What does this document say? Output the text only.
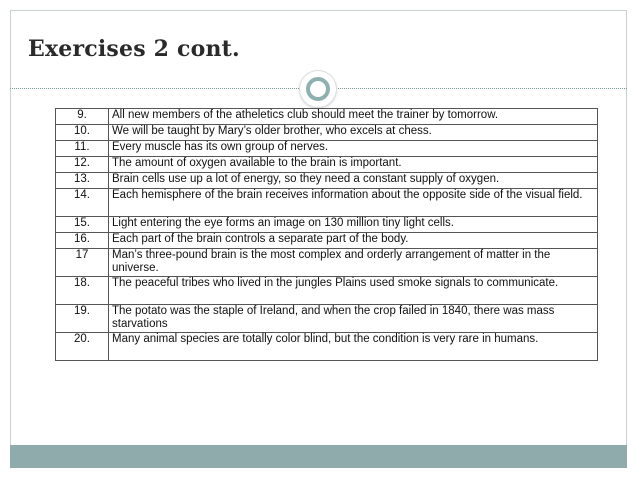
Exercises 2 cont.
9.	All new members of the atheletics club should meet the trainer by tomorrow.
10.	We will be taught by Mary’s older brother, who excels at chess.
11.	Every muscle has its own group of nerves.
12.	The amount of oxygen available to the brain is important.
13.	Brain cells use up a lot of energy, so they need a constant supply of oxygen.
14.	Each hemisphere of the brain receives information about the opposite side of the visual field.
15.	Light entering the eye forms an image on 130 million tiny light cells.
16.	Each part of the brain controls a separate part of the body.
17	Man’s three-pound brain is the most complex and orderly arrangement of matter in the universe.
18.	The peaceful tribes who lived in the jungles Plains used smoke signals to communicate.
19.	The potato was the staple of Ireland, and when the crop failed in 1840, there was mass starvations
20.	Many animal species are totally color blind, but the condition is very rare in humans.
